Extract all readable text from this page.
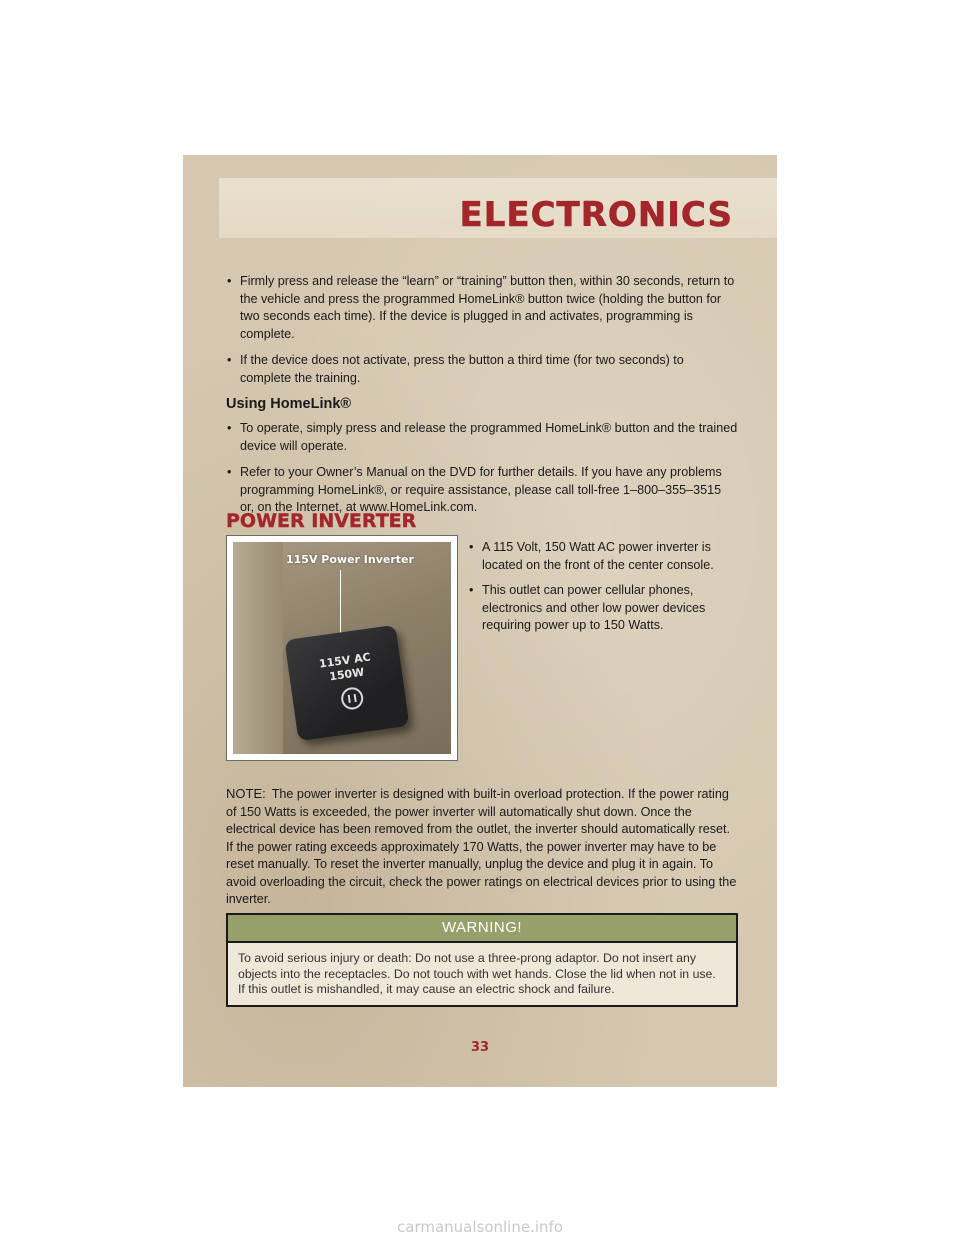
ELECTRONICS
• Firmly press and release the “learn” or “training” button then, within 30 seconds, return to the vehicle and press the programmed HomeLink® button twice (holding the button for two seconds each time). If the device is plugged in and activates, programming is complete.
• If the device does not activate, press the button a third time (for two seconds) to complete the training.
Using HomeLink®
• To operate, simply press and release the programmed HomeLink® button and the trained device will operate.
• Refer to your Owner’s Manual on the DVD for further details. If you have any problems programming HomeLink®, or require assistance, please call toll-free 1–800–355–3515 or, on the Internet, at www.HomeLink.com.
POWER INVERTER
115V Power Inverter
115V AC
150W
• A 115 Volt, 150 Watt AC power inverter is located on the front of the center console.
• This outlet can power cellular phones, electronics and other low power devices requiring power up to 150 Watts.

NOTE: The power inverter is designed with built-in overload protection. If the power rating of 150 Watts is exceeded, the power inverter will automatically shut down. Once the electrical device has been removed from the outlet, the inverter should automatically reset. If the power rating exceeds approximately 170 Watts, the power inverter may have to be reset manually. To reset the inverter manually, unplug the device and plug it in again. To avoid overloading the circuit, check the power ratings on electrical devices prior to using the inverter.

WARNING!
To avoid serious injury or death: Do not use a three-prong adaptor. Do not insert any objects into the receptacles. Do not touch with wet hands. Close the lid when not in use. If this outlet is mishandled, it may cause an electric shock and failure.
33
carmanualsonline.info
